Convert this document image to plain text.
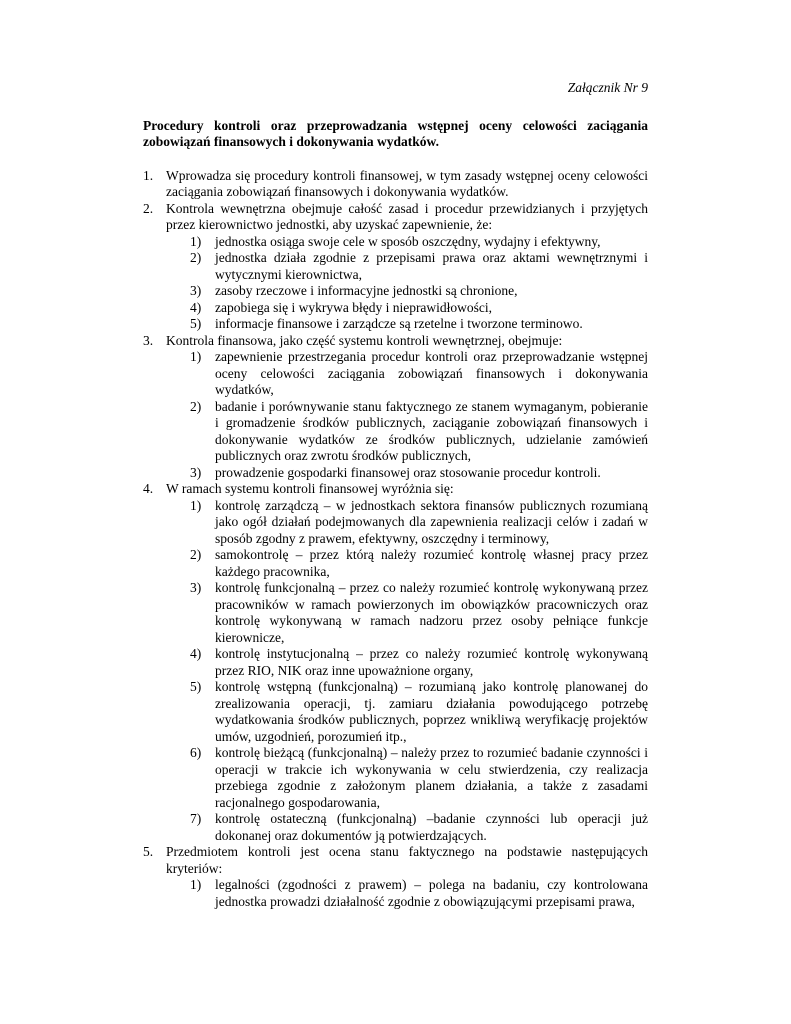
Załącznik Nr 9
Procedury kontroli oraz przeprowadzania wstępnej oceny celowości zaciągania zobowiązań finansowych i dokonywania wydatków.
1. Wprowadza się procedury kontroli finansowej, w tym zasady wstępnej oceny celowości zaciągania zobowiązań finansowych i dokonywania wydatków.
2. Kontrola wewnętrzna obejmuje całość zasad i procedur przewidzianych i przyjętych przez kierownictwo jednostki, aby uzyskać zapewnienie, że:
1)	jednostka osiąga swoje cele w sposób oszczędny, wydajny i efektywny,
2)	jednostka działa zgodnie z przepisami prawa oraz aktami wewnętrznymi i wytycznymi kierownictwa,
3)	zasoby rzeczowe i informacyjne jednostki są chronione,
4)	zapobiega się i wykrywa błędy i nieprawidłowości,
5)	informacje finansowe i zarządcze są rzetelne i tworzone terminowo.
3. Kontrola finansowa, jako część systemu kontroli wewnętrznej, obejmuje:
1)	zapewnienie przestrzegania procedur kontroli oraz przeprowadzanie wstępnej oceny celowości zaciągania zobowiązań finansowych i dokonywania wydatków,
2)	badanie i porównywanie stanu faktycznego ze stanem wymaganym, pobieranie i gromadzenie środków publicznych, zaciąganie zobowiązań finansowych i dokonywanie wydatków ze środków publicznych, udzielanie zamówień publicznych oraz zwrotu środków publicznych,
3)	prowadzenie gospodarki finansowej oraz stosowanie procedur kontroli.
4. W ramach systemu kontroli finansowej wyróżnia się:
1)	kontrolę zarządczą – w jednostkach sektora finansów publicznych rozumianą jako ogół działań podejmowanych dla zapewnienia realizacji celów i zadań w sposób zgodny z prawem, efektywny, oszczędny i terminowy,
2)	samokontrolę – przez którą należy rozumieć kontrolę własnej pracy przez każdego pracownika,
3)	kontrolę funkcjonalną – przez co należy rozumieć kontrolę wykonywaną przez pracowników w ramach powierzonych im obowiązków pracowniczych oraz kontrolę wykonywaną w ramach nadzoru przez osoby pełniące funkcje kierownicze,
4)	kontrolę instytucjonalną – przez co należy rozumieć kontrolę wykonywaną przez RIO, NIK oraz inne upoważnione organy,
5)	kontrolę wstępną (funkcjonalną) – rozumianą jako kontrolę planowanej do zrealizowania operacji, tj. zamiaru działania powodującego potrzebę wydatkowania środków publicznych, poprzez wnikliwą weryfikację projektów umów, uzgodnień, porozumień itp.,
6)	kontrolę bieżącą (funkcjonalną) – należy przez to rozumieć badanie czynności i operacji w trakcie ich wykonywania w celu stwierdzenia, czy realizacja przebiega zgodnie z założonym planem działania, a także z zasadami racjonalnego gospodarowania,
7)	kontrolę ostateczną (funkcjonalną) –badanie czynności lub operacji już dokonanej oraz dokumentów ją potwierdzających.
5. Przedmiotem kontroli jest ocena stanu faktycznego na podstawie następujących kryteriów:
1)	legalności (zgodności z prawem) – polega na badaniu, czy kontrolowana jednostka prowadzi działalność zgodnie z obowiązującymi przepisami prawa,
